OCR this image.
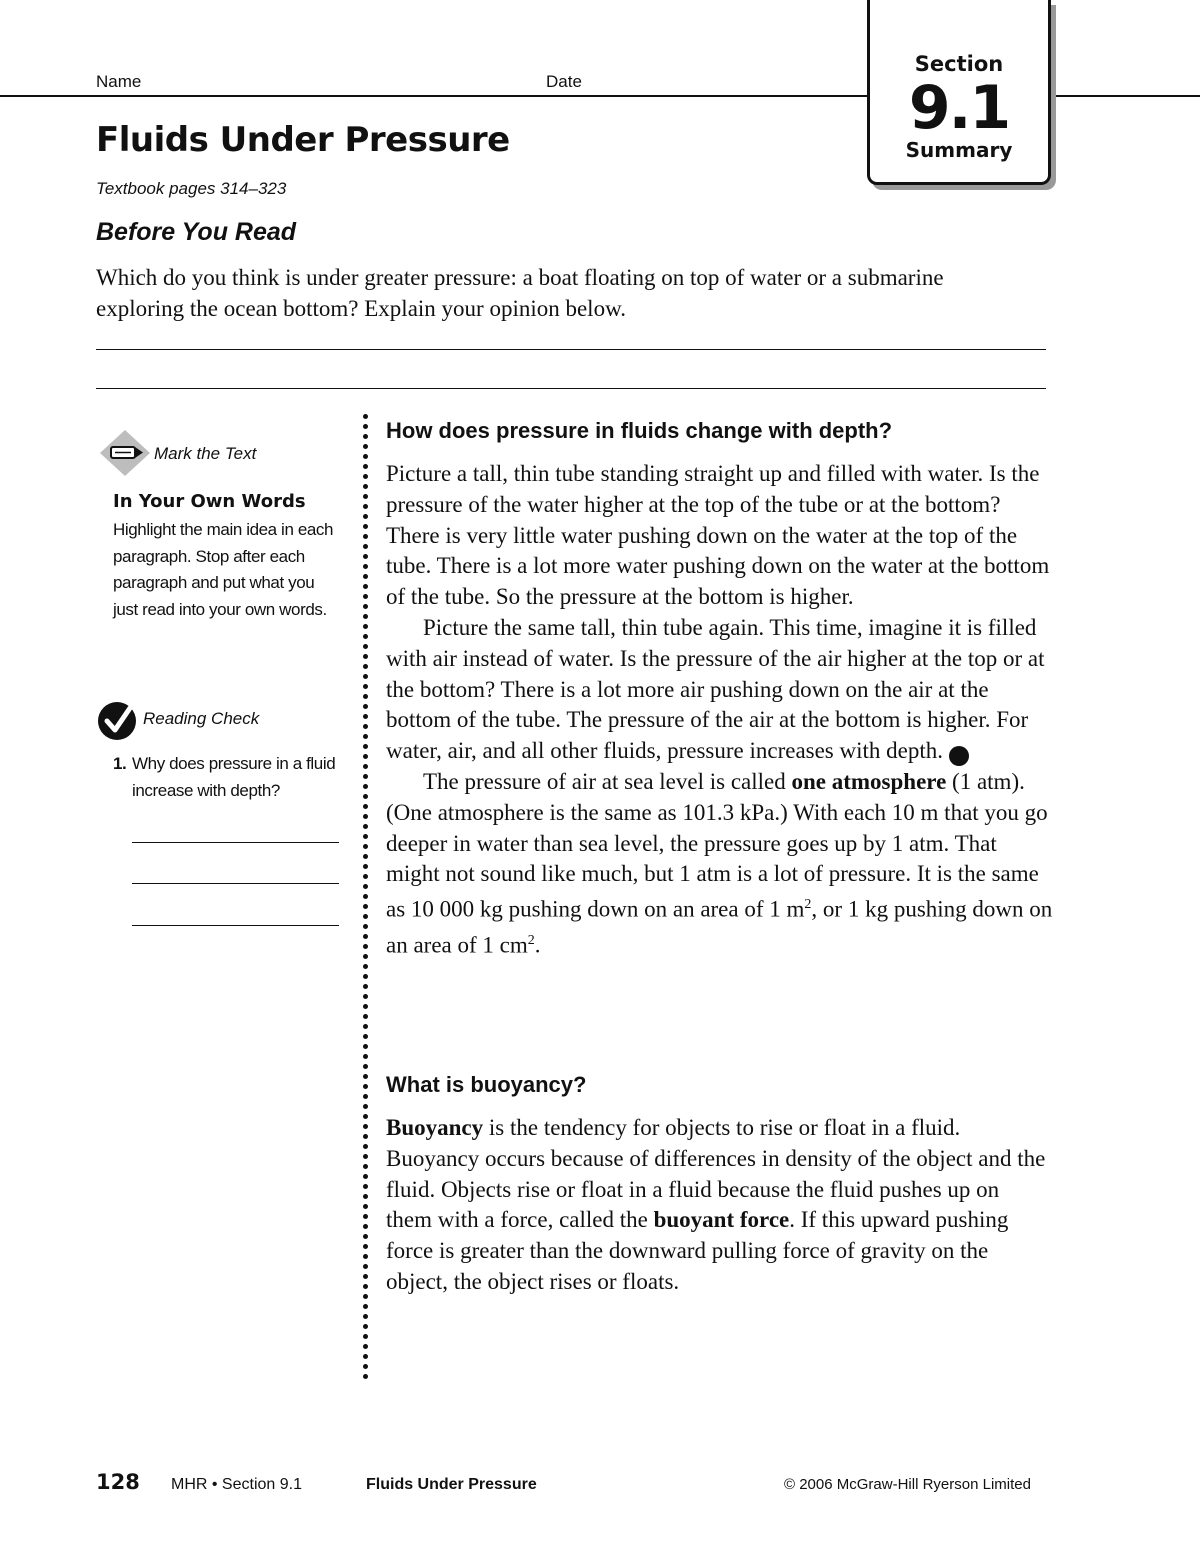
Name	Date
Section
9.1
Summary
Fluids Under Pressure
Textbook pages 314–323
Before You Read
Which do you think is under greater pressure: a boat floating on top of water or a submarine exploring the ocean bottom? Explain your opinion below.
Mark the Text
In Your Own Words
Highlight the main idea in each paragraph. Stop after each paragraph and put what you just read into your own words.
Reading Check
1. Why does pressure in a fluid increase with depth?
How does pressure in fluids change with depth?

Picture a tall, thin tube standing straight up and filled with water. Is the pressure of the water higher at the top of the tube or at the bottom? There is very little water pushing down on the water at the top of the tube. There is a lot more water pushing down on the water at the bottom of the tube. So the pressure at the bottom is higher.

Picture the same tall, thin tube again. This time, imagine it is filled with air instead of water. Is the pressure of the air higher at the top or at the bottom? There is a lot more air pushing down on the air at the bottom of the tube. The pressure of the air at the bottom is higher. For water, air, and all other fluids, pressure increases with depth.	✔

The pressure of air at sea level is called one atmosphere (1 atm). (One atmosphere is the same as 101.3 kPa.) With each 10 m that you go deeper in water than sea level, the pressure goes up by 1 atm. That might not sound like much, but 1 atm is a lot of pressure. It is the same as 10 000 kg pushing down on an area of 1 $m^2$, or 1 kg pushing down on an area of 1 $cm^2$.

What is buoyancy?

Buoyancy is the tendency for objects to rise or float in a fluid. Buoyancy occurs because of differences in density of the object and the fluid. Objects rise or float in a fluid because the fluid pushes up on them with a force, called the buoyant force. If this upward pushing force is greater than the downward pulling force of gravity on the object, the object rises or floats.

128 MHR • Section 9.1	Fluids Under Pressure	© 2006 McGraw-Hill Ryerson Limited
